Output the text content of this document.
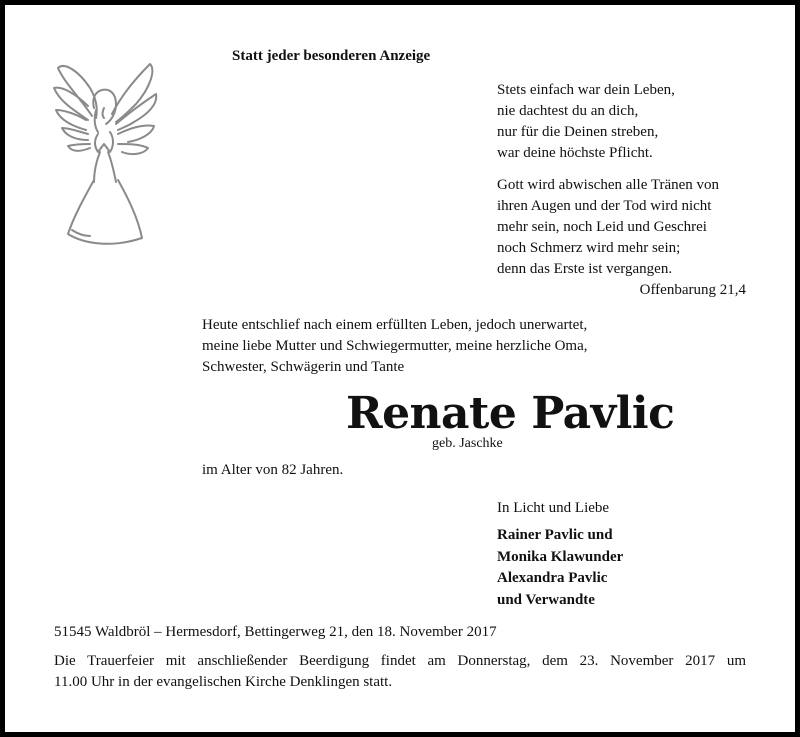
Statt jeder besonderen Anzeige
Stets einfach war dein Leben,
nie dachtest du an dich,
nur für die Deinen streben,
war deine höchste Pflicht.
Gott wird abwischen alle Tränen von
ihren Augen und der Tod wird nicht
mehr sein, noch Leid und Geschrei
noch Schmerz wird mehr sein;
denn das Erste ist vergangen.
Offenbarung 21,4
Heute entschlief nach einem erfüllten Leben, jedoch unerwartet,
meine liebe Mutter und Schwiegermutter, meine herzliche Oma,
Schwester, Schwägerin und Tante
Renate Pavlic
geb. Jaschke
im Alter von 82 Jahren.
In Licht und Liebe
Rainer Pavlic und
Monika Klawunder
Alexandra Pavlic
und Verwandte
51545 Waldbröl – Hermesdorf, Bettingerweg 21, den 18. November 2017
Die Trauerfeier mit anschließender Beerdigung findet am Donnerstag, dem 23. November 2017 um
11.00 Uhr in der evangelischen Kirche Denklingen statt.
